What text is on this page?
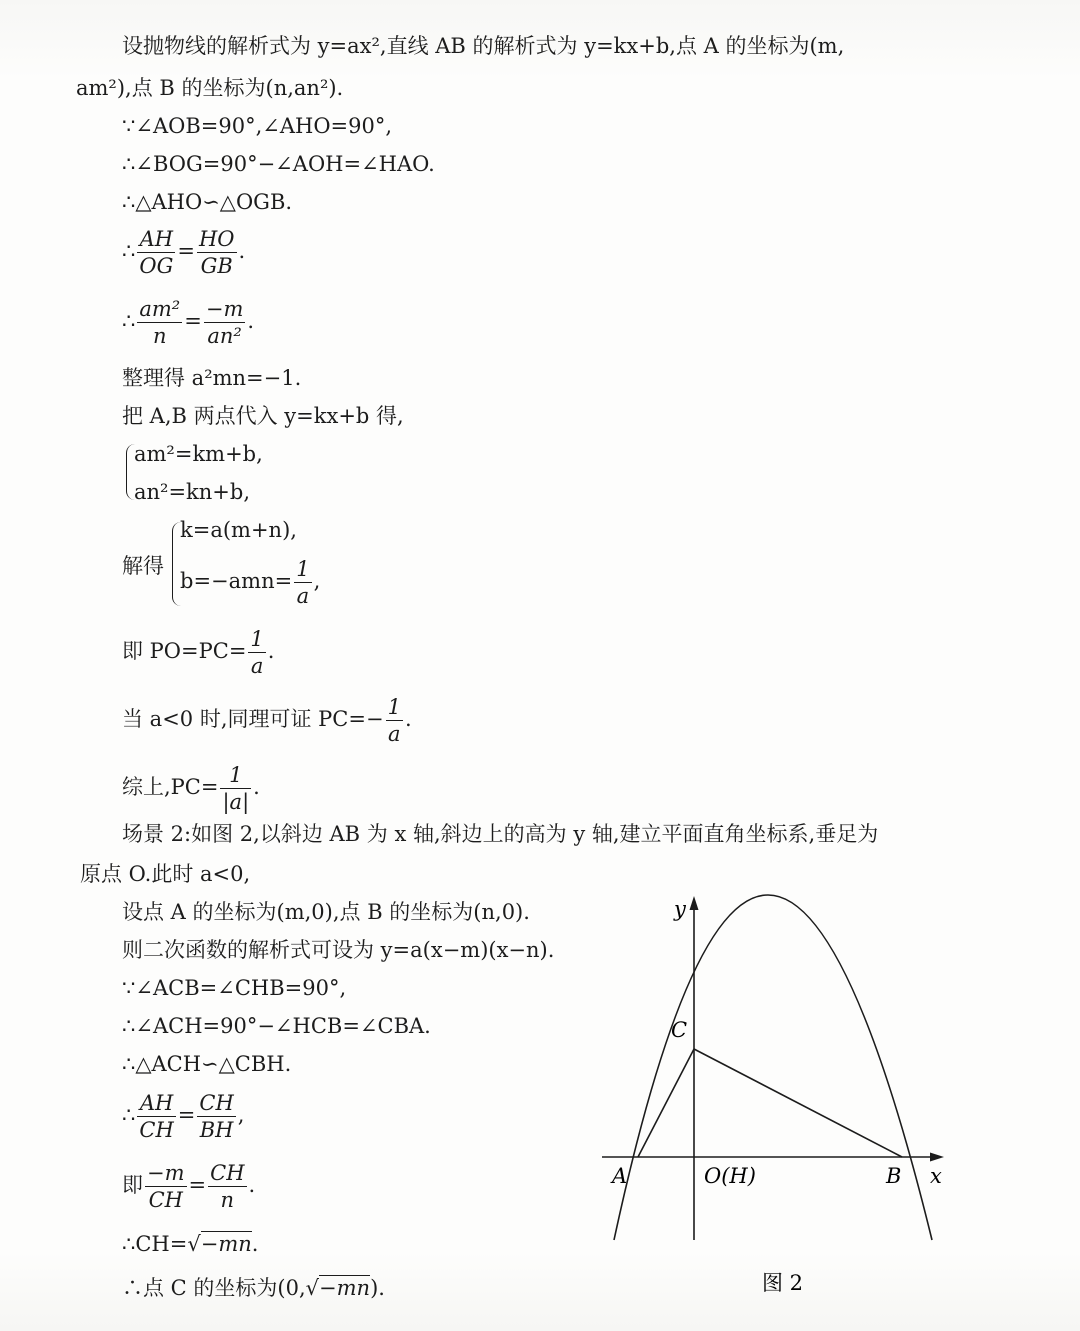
设抛物线的解析式为 y=ax²,直线 AB 的解析式为 y=kx+b,点 A 的坐标为(m,
am²),点 B 的坐标为(n,an²).
∵∠AOB=90°,∠AHO=90°,
∴∠BOG=90°−∠AOH=∠HAO.
∴△AHO∽△OGB.
∴ $\frac{AH}{OG} = \frac{HO}{GB}$ .
∴ $\frac{\text{am²}}{n} = \frac{-m}{\text{an²}}$ .
整理得 a²mn=−1.
把 A,B 两点代入 y=kx+b 得,
am²=km+b,
an²=kn+b,
解得
k=a(m+n),
$b=-amn= \frac{1}{a}$ ,
即 $PO=PC= \frac{1}{a}$ .
当 a<0 时,同理可证 $PC=- \frac{1}{a}$ .
综上$,PC= \frac{1}{|a|}$ .
场景 2:如图 2,以斜边 AB 为 x 轴,斜边上的高为 y 轴,建立平面直角坐标系,垂足为
原点 O.此时 a<0,
设点 A 的坐标为(m,0),点 B 的坐标为(n,0).
则二次函数的解析式可设为 y=a(x−m)(x−n).
∵∠ACB=∠CHB=90°,
∴∠ACH=90°−∠HCB=∠CBA.
∴△ACH∽△CBH.
∴ $\frac{AH}{CH} = \frac{CH}{BH}$ ,
即 $\frac{-m}{CH} = \frac{CH}{n}$ .
∴CH=√−mn.
∴点 C 的坐标为(0,√−mn).
y
x
C
A	O(H)	B
图 2
